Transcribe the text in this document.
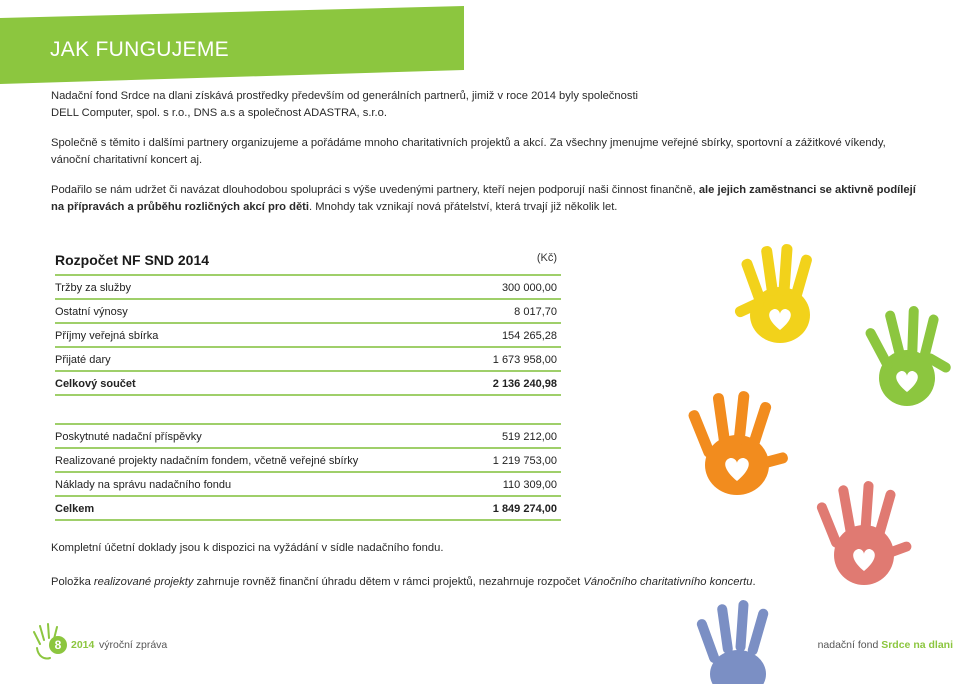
JAK FUNGUJEME
Nadační fond Srdce na dlani získává prostředky především od generálních partnerů, jimiž v roce 2014 byly společnosti DELL Computer, spol. s r.o., DNS a.s a společnost ADASTRA, s.r.o.
Společně s těmito i dalšími partnery organizujeme a pořádáme mnoho charitativních projektů a akcí. Za všechny jmenujme veřejné sbírky, sportovní a zážitkové víkendy, vánoční charitativní koncert aj.
Podařilo se nám udržet či navázat dlouhodobou spolupráci s výše uvedenými partnery, kteří nejen podporují naši činnost finančně, ale jejich zaměstnanci se aktivně podílejí na přípravách a průběhu rozličných akcí pro děti. Mnohdy tak vznikají nová přátelství, která trvají již několik let.
Rozpočet NF SND 2014	(Kč)
Tržby za služby	300 000,00
Ostatní výnosy	8 017,70
Příjmy veřejná sbírka	154 265,28
Přijaté dary	1 673 958,00
Celkový součet	2 136 240,98
Poskytnuté nadační příspěvky	519 212,00
Realizované projekty nadačním fondem, včetně veřejné sbírky	1 219 753,00
Náklady na správu nadačního fondu	110 309,00
Celkem	1 849 274,00
Kompletní účetní doklady jsou k dispozici na vyžádání v sídle nadačního fondu.
Položka realizované projekty zahrnuje rovněž finanční úhradu dětem v rámci projektů, nezahrnuje rozpočet Vánočního charitativního koncertu.
8 2014 výroční zpráva	nadační fond Srdce na dlani
